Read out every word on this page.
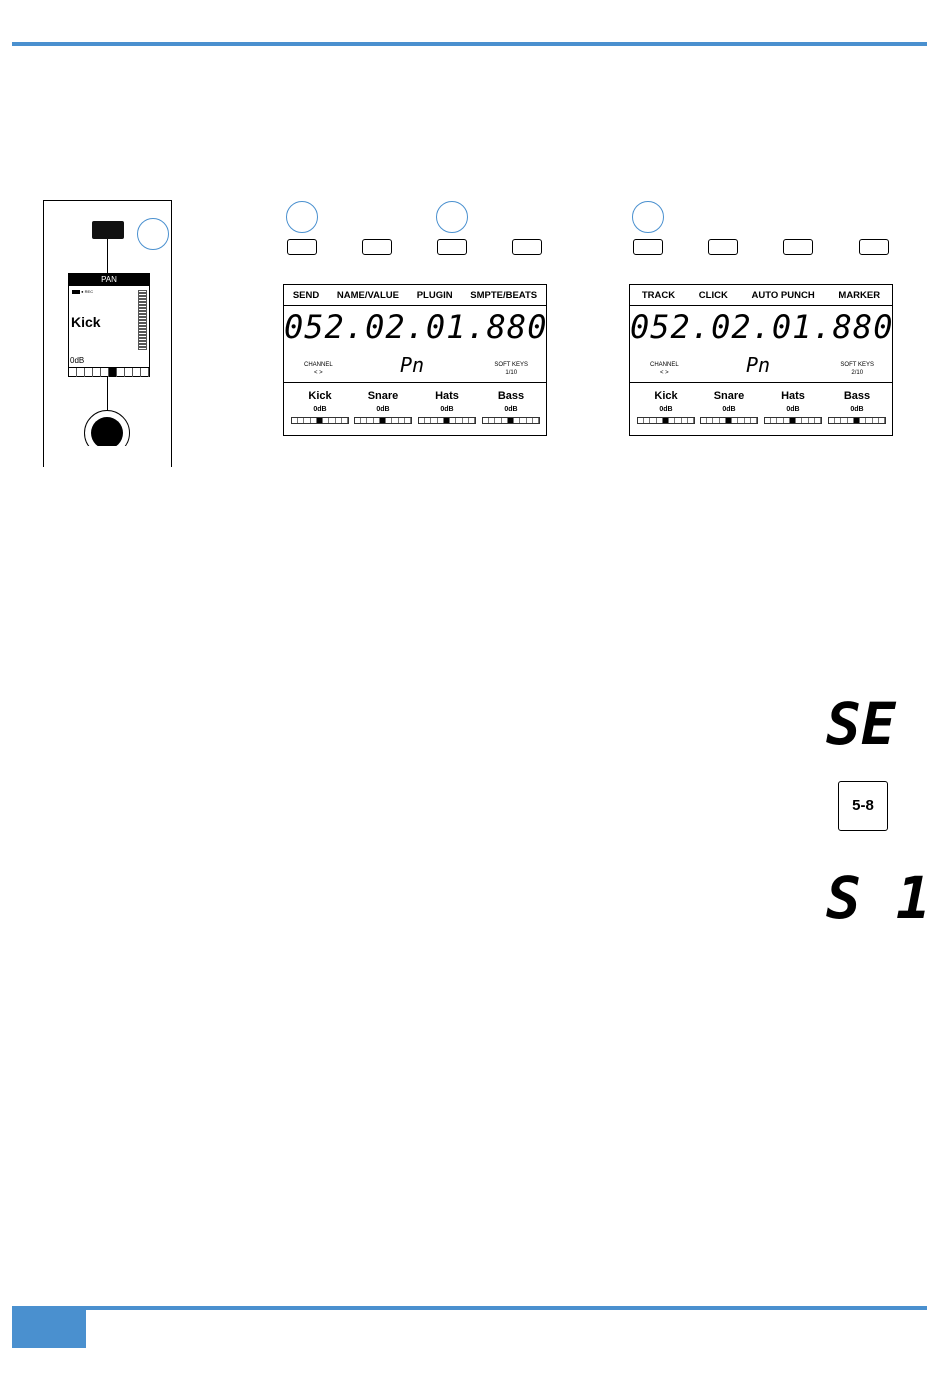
PAN
● REC
Kick
0dB
SEND NAME/VALUE PLUGIN SMPTE/BEATS
052.02.01.880
CHANNEL
< >	Pn	SOFT KEYS
1/10
Kick
0dB
Snare
0dB
Hats
0dB
Bass
0dB
TRACK CLICK AUTO PUNCH MARKER
052.02.01.880
CHANNEL
< >	Pn	SOFT KEYS
2/10
Kick
0dB
Snare
0dB
Hats
0dB
Bass
0dB
SE
5-8
S 1
